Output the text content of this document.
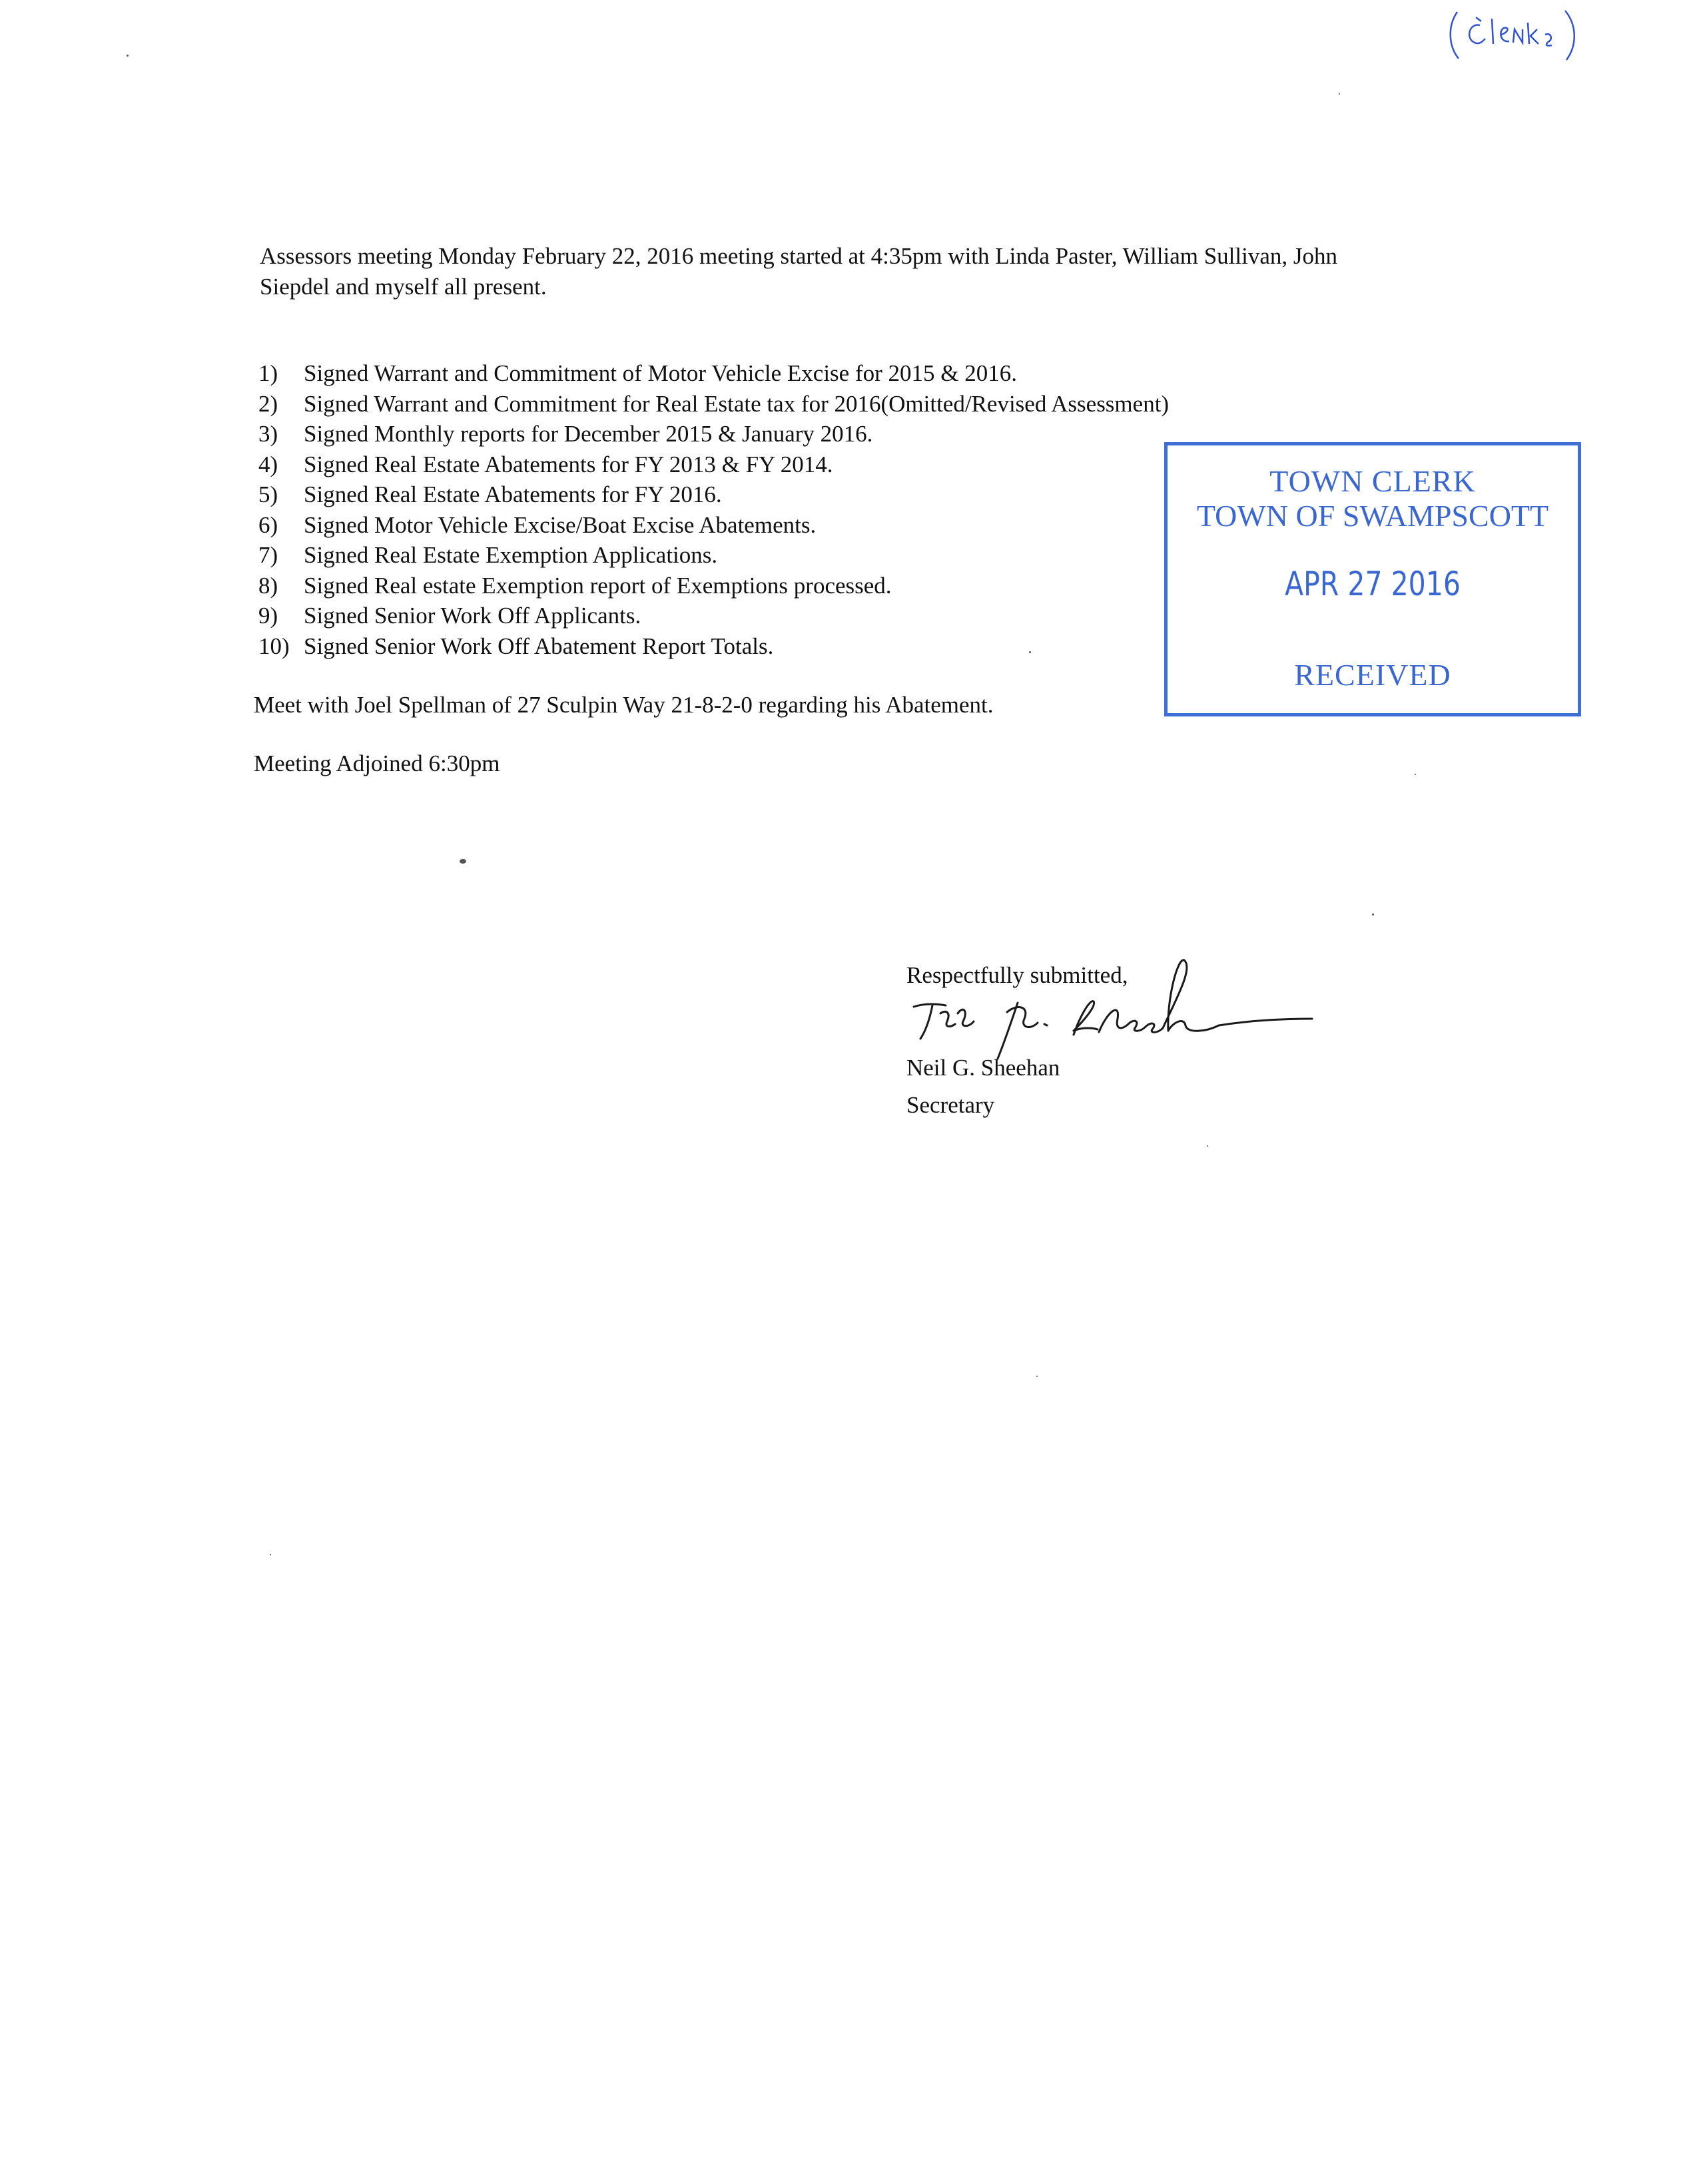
(clerks)
Assessors meeting Monday February 22, 2016 meeting started at 4:35pm with Linda Paster, William Sullivan, John Siepdel and myself all present.
1)	Signed Warrant and Commitment of Motor Vehicle Excise for 2015 & 2016.
2)	Signed Warrant and Commitment for Real Estate tax for 2016(Omitted/Revised Assessment)
3)	Signed Monthly reports for December 2015 & January 2016.
4)	Signed Real Estate Abatements for FY 2013 & FY 2014.
5)	Signed Real Estate Abatements for FY 2016.
6)	Signed Motor Vehicle Excise/Boat Excise Abatements.
7)	Signed Real Estate Exemption Applications.
8)	Signed Real estate Exemption report of Exemptions processed.
9)	Signed Senior Work Off Applicants.
10) Signed Senior Work Off Abatement Report Totals.
Meet with Joel Spellman of 27 Sculpin Way 21-8-2-0 regarding his Abatement.
Meeting Adjoined 6:30pm
TOWN CLERK
TOWN OF SWAMPSCOTT
APR 27 2016
RECEIVED
Respectfully submitted,
Neil G. Sheehan
Neil G. Sheehan
Secretary
